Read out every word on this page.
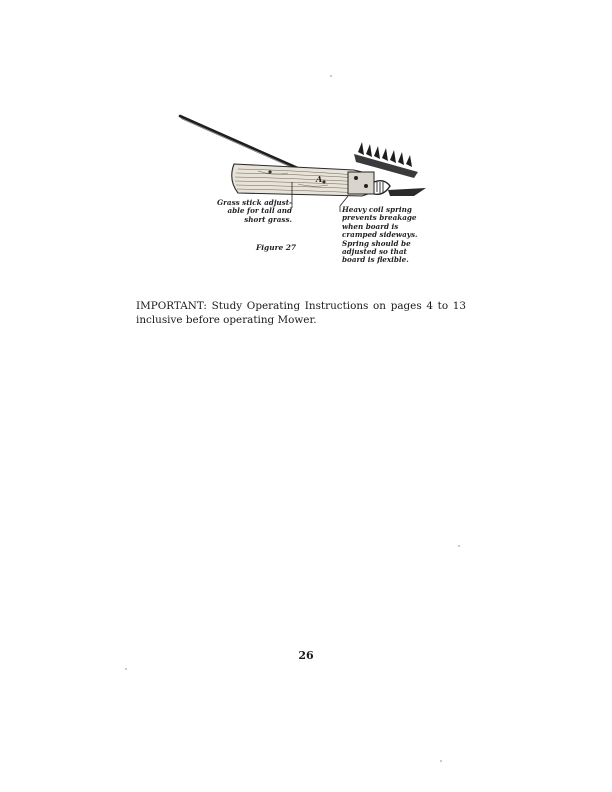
A
Grass stick adjust-
able for tall and
short grass.
Heavy coil spring
prevents breakage
when board is
cramped sideways.
Spring should be
adjusted so that
board is flexible.
Figure 27

IMPORTANT: Study Operating Instructions on pages 4 to 13 inclusive before operating Mower.

26
